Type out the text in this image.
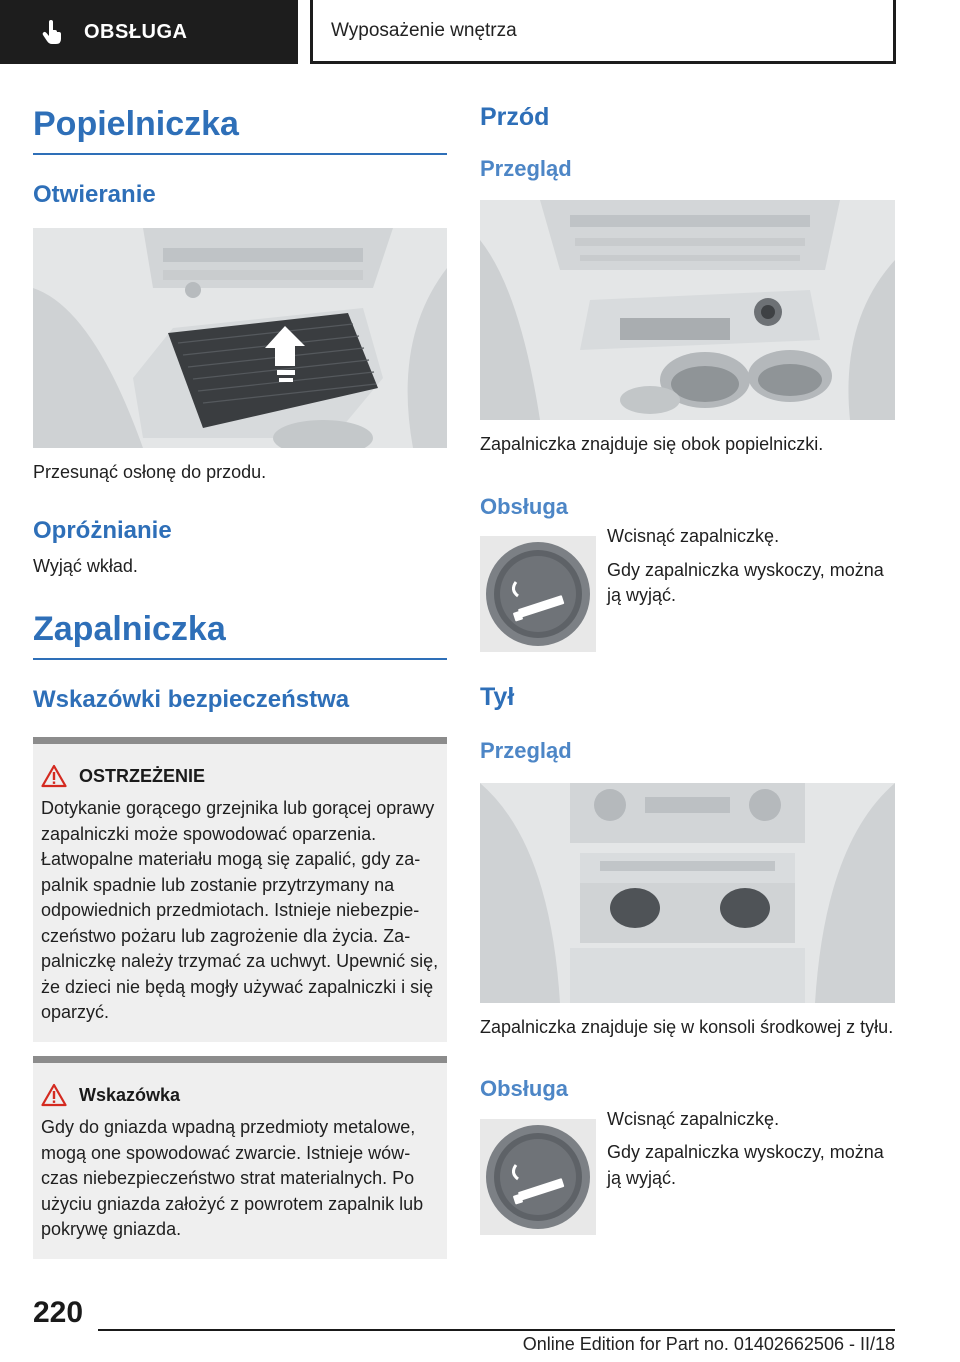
OBSŁUGA	Wyposażenie wnętrza
Popielniczka
Otwieranie

Przesunąć osłonę do przodu.

Opróżnianie

Wyjąć wkład.

Zapalniczka
Wskazówki bezpieczeństwa
OSTRZEŻENIE

Dotykanie gorącego grzejnika lub gorącej oprawy zapalniczki może spowodować oparzenia. Łatwopalne materiału mogą się zapalić, gdy zapalnik spadnie lub zostanie przytrzymany na odpowiednich przedmiotach. Istnieje niebezpieczeństwo pożaru lub zagrożenie dla życia. Zapalniczkę należy trzymać za uchwyt. Upewnić się, że dzieci nie będą mogły używać zapalniczki i się oparzyć.

Wskazówka

Gdy do gniazda wpadną przedmioty metalowe, mogą one spowodować zwarcie. Istnieje wówczas niebezpieczeństwo strat materialnych. Po użyciu gniazda założyć z powrotem zapalnik lub pokrywę gniazda.

Przód
Przegląd

Zapalniczka znajduje się obok popielniczki.

Obsługa

Wcisnąć zapalniczkę.

Gdy zapalniczka wyskoczy, można ją wyjąć.

Tył
Przegląd

Zapalniczka znajduje się w konsoli środkowej z tyłu.

Obsługa

Wcisnąć zapalniczkę.

Gdy zapalniczka wyskoczy, można ją wyjąć.

220
Online Edition for Part no. 01402662506 - II/18
